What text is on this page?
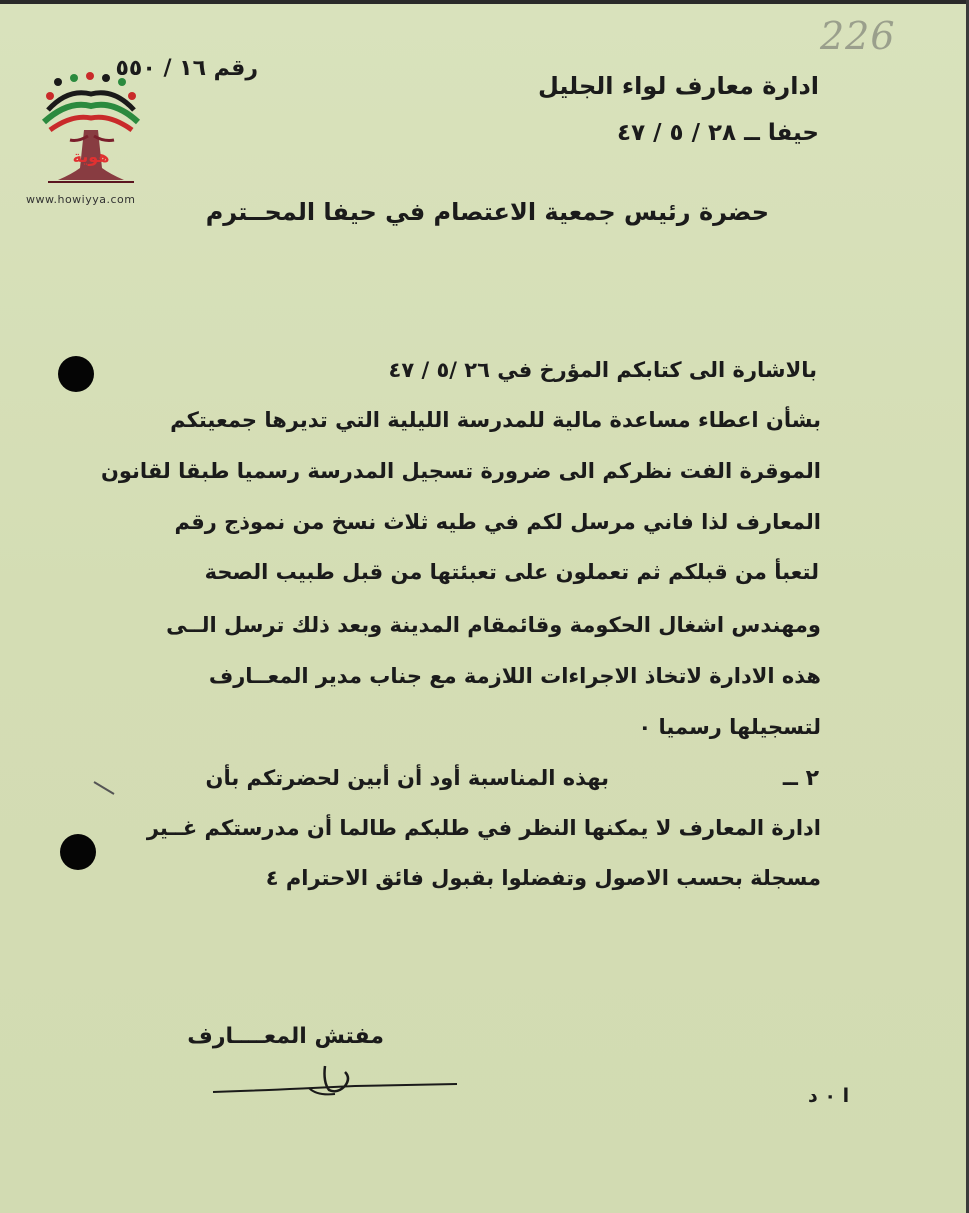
226
هوية
www.howiyya.com
رقم ١٦ / ٥٥٠
ادارة معارف لواء الجليل
حيفا ــ ٢٨ / ٥ / ٤٧
حضرة رئيس جمعية الاعتصام في حيفا المحــترم
بالاشارة الى كتابكم المؤرخ في ٢٦ /٥ / ٤٧
بشأن اعطاء مساعدة مالية للمدرسة الليلية التي تديرها جمعيتكم
الموقرة الفت نظركم الى ضرورة تسجيل المدرسة رسميا طبقا لقانون
المعارف لذا فاني مرسل لكم في طيه ثلاث نسخ من نموذج رقم
لتعبأ من قبلكم ثم تعملون على تعبئتها من قبل طبيب الصحة
ومهندس اشغال الحكومة وقائمقام المدينة وبعد ذلك ترسل الــى
هذه الادارة لاتخاذ الاجراءات اللازمة مع جناب مدير المعــارف
لتسجيلها رسميا ٠
٢ ــ
بهذه المناسبة أود أن أبين لحضرتكم بأن
ادارة المعارف لا يمكنها النظر في طلبكم طالما أن مدرستكم غــير
مسجلة بحسب الاصول وتفضلوا بقبول فائق الاحترام ٤
مفتش المعــــارف
ا ٠ د
